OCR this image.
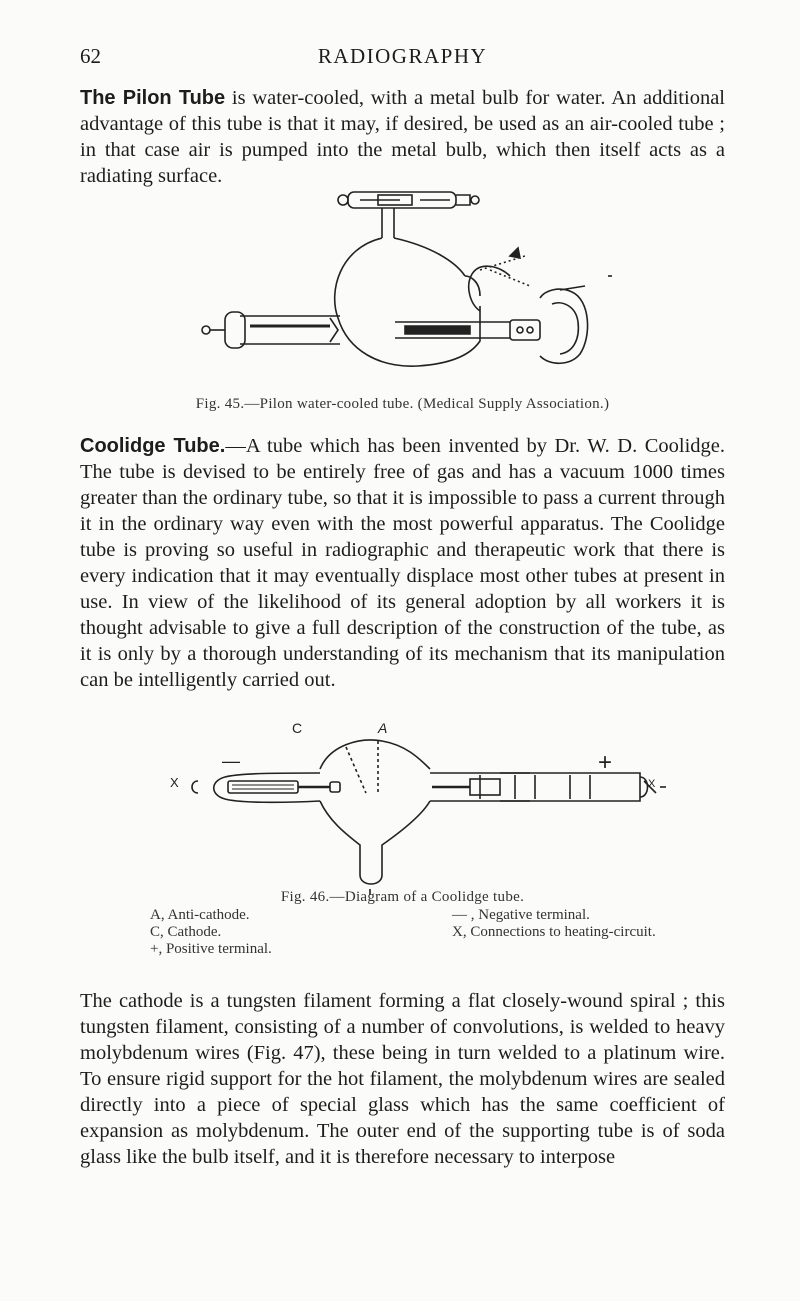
62	RADIOGRAPHY

The Pilon Tube is water-cooled, with a metal bulb for water. An additional advantage of this tube is that it may, if desired, be used as an air-cooled tube ; in that case air is pumped into the metal bulb, which then itself acts as a radiating surface.

Fig. 45.—Pilon water-cooled tube. (Medical Supply Association.)

Coolidge Tube.—A tube which has been invented by Dr. W. D. Coolidge. The tube is devised to be entirely free of gas and has a vacuum 1000 times greater than the ordinary tube, so that it is impossible to pass a current through it in the ordinary way even with the most powerful apparatus. The Coolidge tube is proving so useful in radiographic and therapeutic work that there is every indication that it may eventually displace most other tubes at present in use. In view of the likelihood of its general adoption by all workers it is thought advisable to give a full description of the construction of the tube, as it is only by a thorough understanding of its mechanism that its manipulation can be intelligently carried out.

C	A
—	+
X	X
Fig. 46.—Diagram of a Coolidge tube.
A, Anti-cathode.
C, Cathode.
+, Positive terminal.
— , Negative terminal.
X, Connections to heating-circuit.

The cathode is a tungsten filament forming a flat closely-wound spiral ; this tungsten filament, consisting of a number of convolutions, is welded to heavy molybdenum wires (Fig. 47), these being in turn welded to a platinum wire. To ensure rigid support for the hot filament, the molybdenum wires are sealed directly into a piece of special glass which has the same coefficient of expansion as molybdenum. The outer end of the supporting tube is of soda glass like the bulb itself, and it is therefore necessary to interpose
